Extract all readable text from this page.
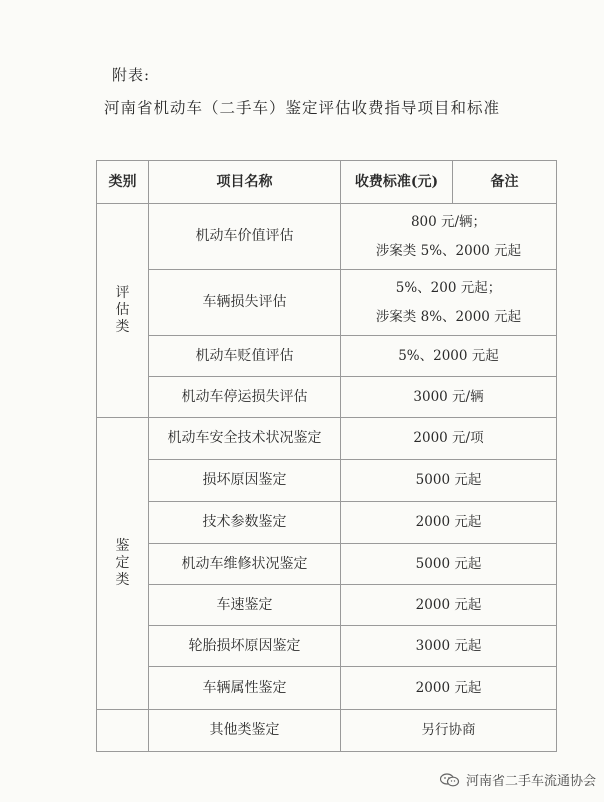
附表:
河南省机动车（二手车）鉴定评估收费指导项目和标准
类别	项目名称	收费标准(元)	备注

评
估
类	机动车价值评估	800 元/辆；
涉案类 5%、2000 元起	

	车辆损失评估	5%、200 元起；
涉案类 8%、2000 元起	

	机动车贬值评估	5%、2000 元起	
	机动车停运损失评估	3000 元/辆	

鉴
定
类	机动车安全技术状况鉴定	2000 元/项	
	损坏原因鉴定	5000 元起	
	技术参数鉴定	2000 元起	
	机动车维修状况鉴定	5000 元起	
	车速鉴定	2000 元起	
	轮胎损坏原因鉴定	3000 元起	
	车辆属性鉴定	2000 元起	
	其他类鉴定	另行协商	
河南省二手车流通协会
